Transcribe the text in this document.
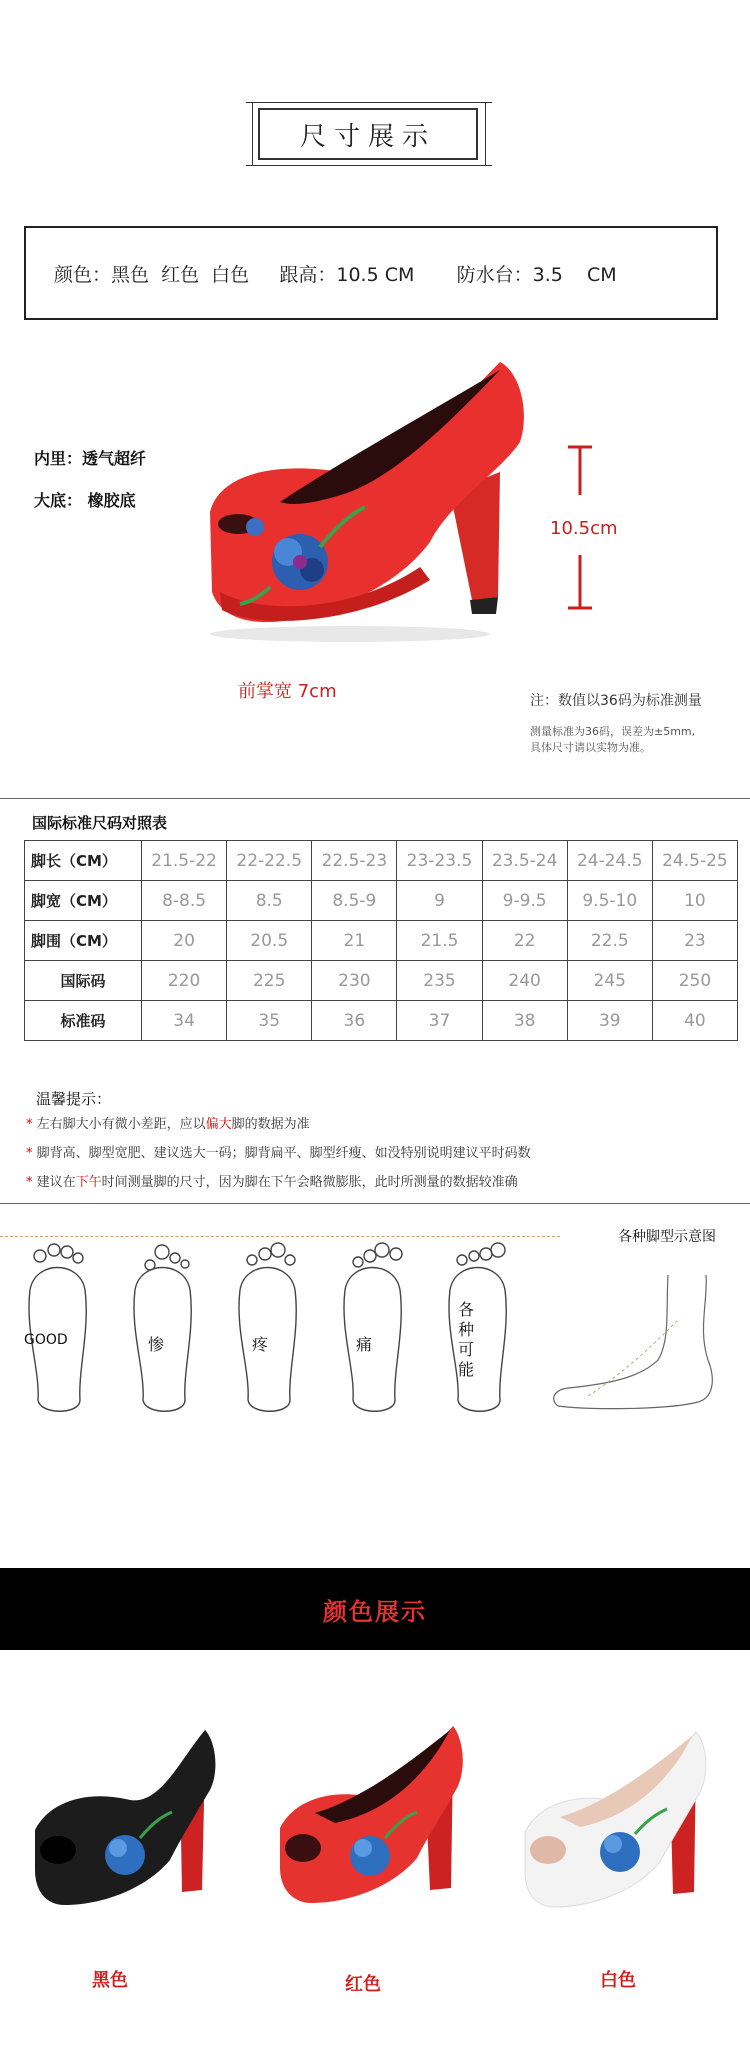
尺寸展示
颜色：黑色  红色  白色     跟高：10.5 CM       防水台：3.5    CM
内里：透气超纤
大底： 橡胶底
10.5cm
前掌宽 7cm	注：数值以36码为标准测量
测量标准为36码，误差为±5mm,
具体尺寸请以实物为准。
国际标准尺码对照表
脚长（CM）	21.5-22	22-22.5	22.5-23	23-23.5	23.5-24	24-24.5	24.5-25
脚宽（CM）	8-8.5	8.5	8.5-9	9	9-9.5	9.5-10	10
脚围（CM）	20	20.5	21	21.5	22	22.5	23
国际码	220	225	230	235	240	245	250
标准码	34	35	36	37	38	39	40
温馨提示：
* 左右脚大小有微小差距，应以偏大脚的数据为准
* 脚背高、脚型宽肥、建议选大一码；脚背扁平、脚型纤瘦、如没特别说明建议平时码数
* 建议在下午时间测量脚的尺寸，因为脚在下午会略微膨胀，此时所测量的数据较准确
各种脚型示意图
GOOD	惨	疼	痛
各种可能
颜色展示
黑色	红色	白色
